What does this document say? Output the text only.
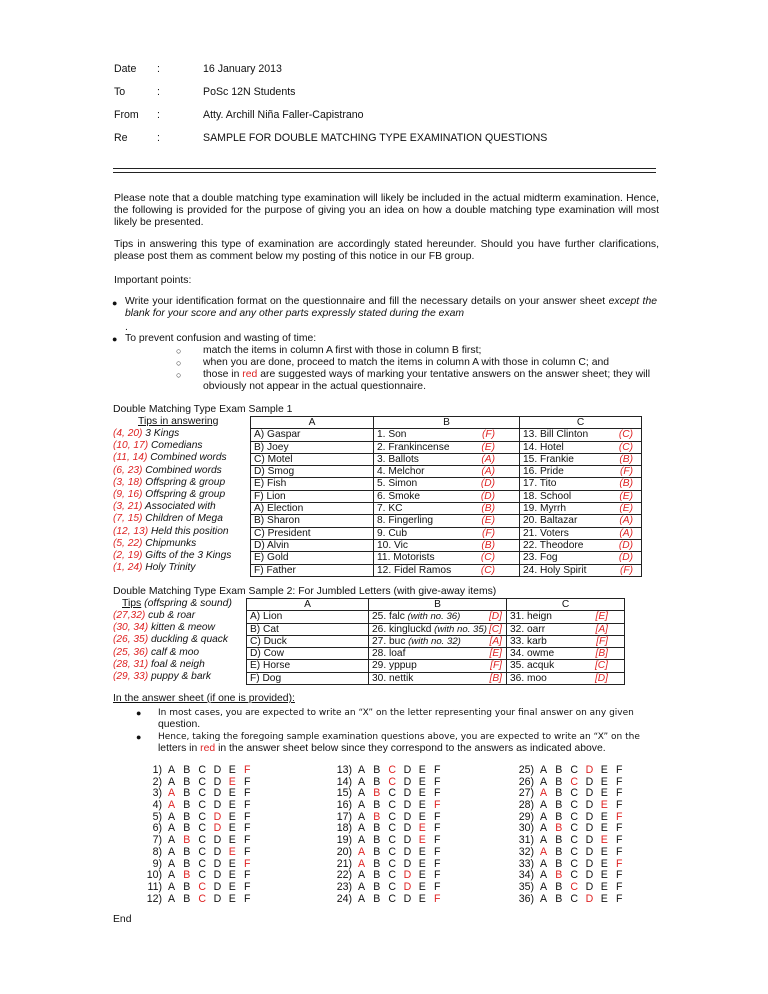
Date :	16 January 2013
To	:	PoSc 12N Students
From :	Atty. Archill Niña Faller-Capistrano
Re	:	SAMPLE FOR DOUBLE MATCHING TYPE EXAMINATION QUESTIONS
Please note that a double matching type examination will likely be included in the actual midterm examination. Hence, the following is provided for the purpose of giving you an idea on how a double matching type examination will most likely be presented.
Tips in answering this type of examination are accordingly stated hereunder. Should you have further clarifications, please post them as comment below my posting of this notice in our FB group.
Important points:
● Write your identification format on the questionnaire and fill the necessary details on your answer sheet except the blank for your score and any other parts expressly stated during the exam
.
● To prevent confusion and wasting of time:
○ match the items in column A first with those in column B first;
○ when you are done, proceed to match the items in column A with those in column C; and
○ those in red are suggested ways of marking your tentative answers on the answer sheet; they will
obviously not appear in the actual questionnaire.
Double Matching Type Exam Sample 1
Tips in answering
(4, 20) 3 Kings
(10, 17) Comedians
(11, 14) Combined words
(6, 23) Combined words
(3, 18) Offspring & group
(9, 16) Offspring & group
(3, 21) Associated with
(7, 15) Children of Mega
(12, 13) Held this position
(5, 22) Chipmunks
(2, 19) Gifts of the 3 Kings
(1, 24) Holy Trinity
A	B	C
A) Gaspar	1. Son (F)	13. Bill Clinton (C)

B) Joey	2. Frankincense (E)	14. Hotel (C)

C) Motel	3. Ballots (A)	15. Frankie (B)

D) Smog	4. Melchor (A)	16. Pride (F)

E) Fish	5. Simon (D)	17. Tito (B)

F) Lion	6. Smoke (D)	18. School (E)

A) Election	7. KC (B)	19. Myrrh (E)

B) Sharon	8. Fingerling (E)	20. Baltazar (A)

C) President	9. Cub (F)	21. Voters (A)

D) Alvin	10. Vic (B)	22. Theodore (D)

E) Gold	11. Motorists (C)	23. Fog (D)

F) Father	12. Fidel Ramos (C)	24. Holy Spirit (F)
Double Matching Type Exam Sample 2: For Jumbled Letters (with give-away items)
Tips (offspring & sound)
(27,32) cub & roar
(30, 34) kitten & meow
(26, 35) duckling & quack
(25, 36) calf & moo
(28, 31) foal & neigh
(29, 33) puppy & bark
A	B	C
A) Lion	25. falc (with no. 36) [D]	31. heign [E]

B) Cat	26. kingluckd (with no. 35) [C]	32. oarr [A]

C) Duck	27. buc (with no. 32) [A]	33. karb [F]

D) Cow	28. loaf [E]	34. owme [B]

E) Horse	29. yppup [F]	35. acquk [C]

F) Dog	30. nettik [B]	36. moo [D]
In the answer sheet (if one is provided):
● In most cases, you are expected to write an “X” on the letter representing your final answer on any given
question.
● Hence, taking the foregoing sample examination questions above, you are expected to write an “X” on the
letters in red in the answer sheet below since they correspond to the answers as indicated above.
1) A B C D E F
2) A B C D E F
3) A B C D E F
4) A B C D E F
5) A B C D E F
6) A B C D E F
7) A B C D E F
8) A B C D E F
9) A B C D E F
10) A B C D E F
11) A B C D E F
12) A B C D E F
13) A B C D E F
14) A B C D E F
15) A B C D E F
16) A B C D E F
17) A B C D E F
18) A B C D E F
19) A B C D E F
20) A B C D E F
21) A B C D E F
22) A B C D E F
23) A B C D E F
24) A B C D E F
25) A B C D E F
26) A B C D E F
27) A B C D E F
28) A B C D E F
29) A B C D E F
30) A B C D E F
31) A B C D E F
32) A B C D E F
33) A B C D E F
34) A B C D E F
35) A B C D E F
36) A B C D E F
End
